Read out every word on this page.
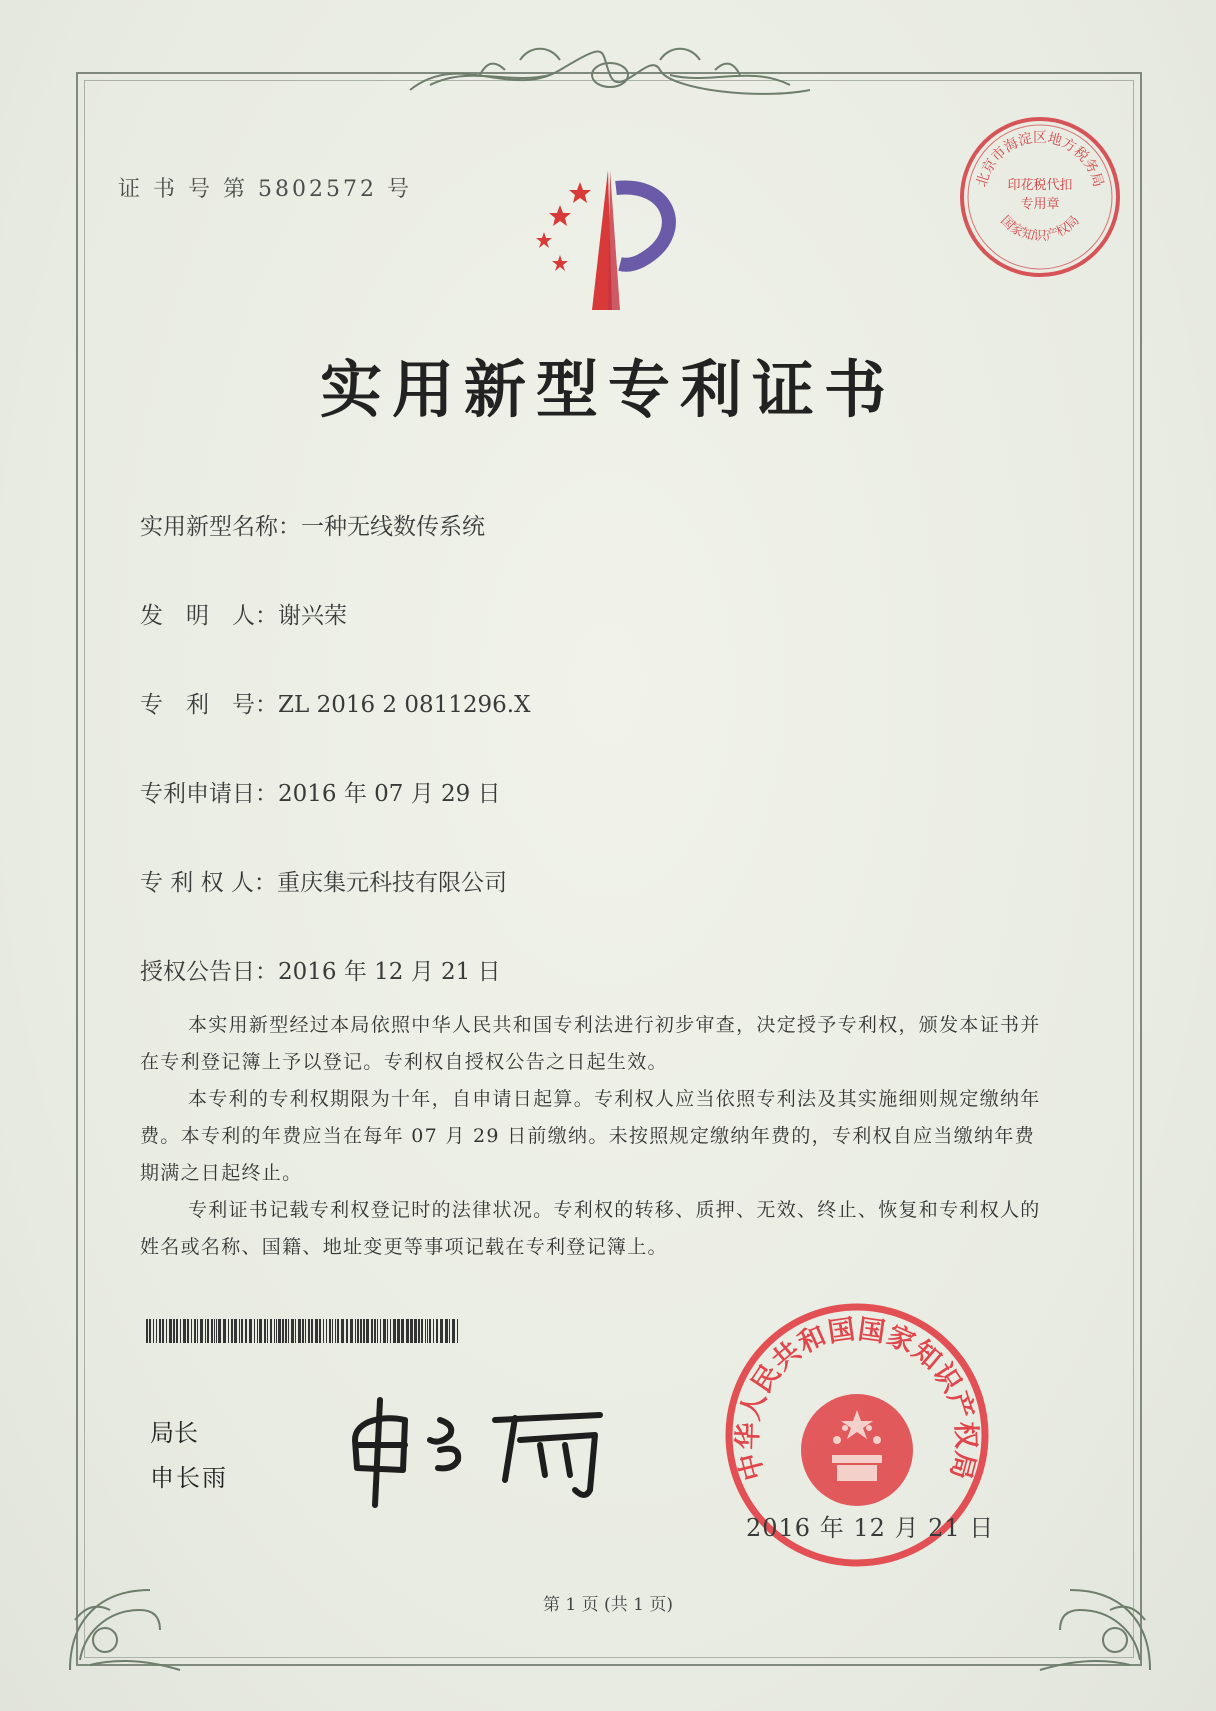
证 书 号 第 5802572 号
实用新型专利证书
实用新型名称：一种无线数传系统
发　明　人：谢兴荣
专　利　号：ZL 2016 2 0811296.X
专利申请日：2016 年 07 月 29 日
专 利 权 人：重庆集元科技有限公司
授权公告日：2016 年 12 月 21 日
本实用新型经过本局依照中华人民共和国专利法进行初步审查，决定授予专利权，颁发本证书并在专利登记簿上予以登记。专利权自授权公告之日起生效。
本专利的专利权期限为十年，自申请日起算。专利权人应当依照专利法及其实施细则规定缴纳年费。本专利的年费应当在每年 07 月 29 日前缴纳。未按照规定缴纳年费的，专利权自应当缴纳年费期满之日起终止。
专利证书记载专利权登记时的法律状况。专利权的转移、质押、无效、终止、恢复和专利权人的姓名或名称、国籍、地址变更等事项记载在专利登记簿上。
局长
申长雨
北京市海淀区地方税务局
国家知识产权局
印花税代扣专用章
中华人民共和国国家知识产权局
2016 年 12 月 21 日
第 1 页 (共 1 页)
